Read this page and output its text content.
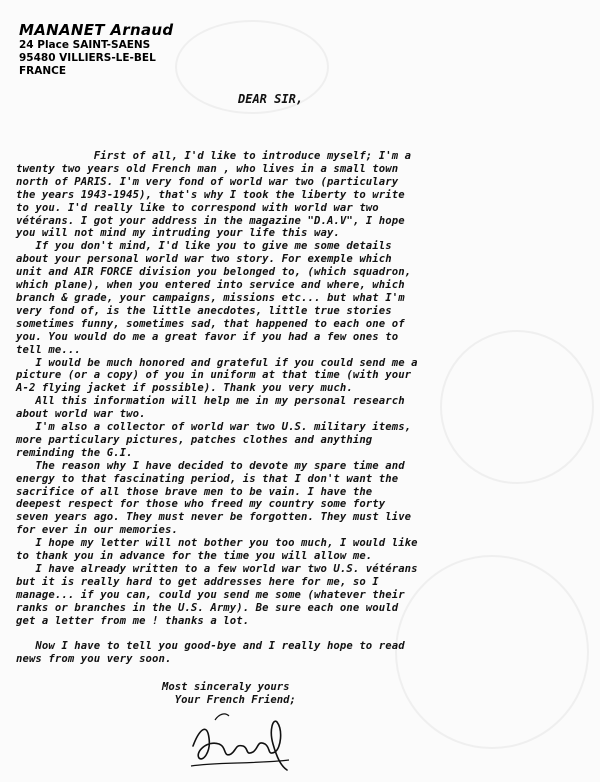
MANANET Arnaud
24 Place SAINT-SAENS
95480 VILLIERS-LE-BEL
FRANCE
DEAR SIR,
First of all, I'd like to introduce myself; I'm a
twenty two years old French man , who lives in a small town
north of PARIS. I'm very fond of world war two (particulary
the years 1943-1945), that's why I took the liberty to write
to you. I'd really like to correspond with world war two
vétérans. I got your address in the magazine "D.A.V", I hope
you will not mind my intruding your life this way.
If you don't mind, I'd like you to give me some details
about your personal world war two story. For exemple which
unit and AIR FORCE division you belonged to, (which squadron,
which plane), when you entered into service and where, which
branch & grade, your campaigns, missions etc... but what I'm
very fond of, is the little anecdotes, little true stories
sometimes funny, sometimes sad, that happened to each one of
you. You would do me a great favor if you had a few ones to
tell me...
I would be much honored and grateful if you could send me a
picture (or a copy) of you in uniform at that time (with your
A-2 flying jacket if possible). Thank you very much.
All this information will help me in my personal research
about world war two.
I'm also a collector of world war two U.S. military items,
more particulary pictures, patches clothes and anything
reminding the G.I.
The reason why I have decided to devote my spare time and
energy to that fascinating period, is that I don't want the
sacrifice of all those brave men to be vain. I have the
deepest respect for those who freed my country some forty
seven years ago. They must never be forgotten. They must live
for ever in our memories.
I hope my letter will not bother you too much, I would like
to thank you in advance for the time you will allow me.
I have already written to a few world war two U.S. vétérans
but it is really hard to get addresses here for me, so I
manage... if you can, could you send me some (whatever their
ranks or branches in the U.S. Army). Be sure each one would
get a letter from me ! thanks a lot.

Now I have to tell you good-bye and I really hope to read
news from you very soon.
Most sinceraly yours
Your French Friend;
